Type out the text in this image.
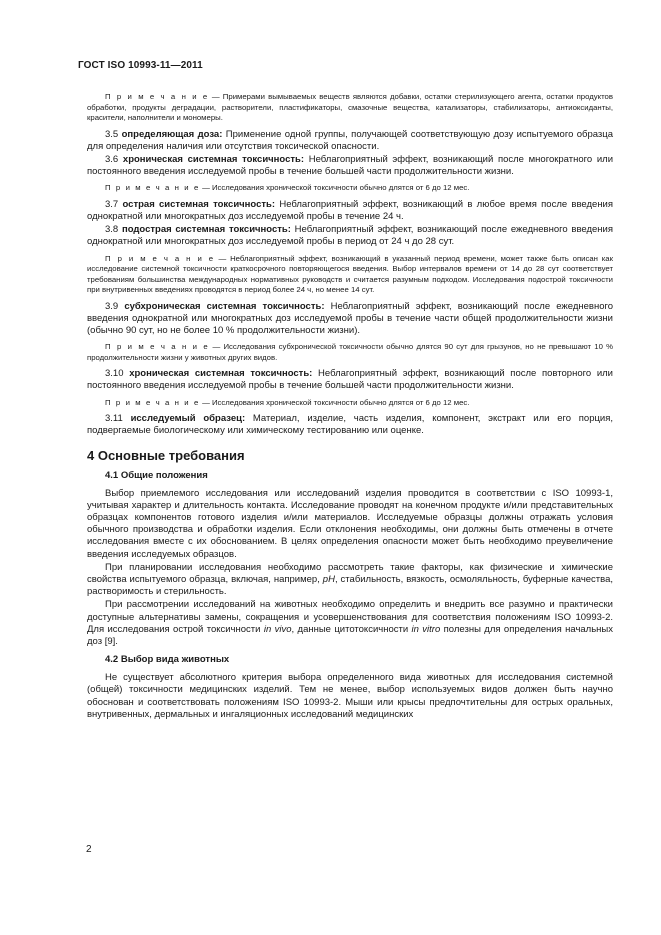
ГОСТ ISO 10993-11—2011

П р и м е ч а н и е — Примерами вымываемых веществ являются добавки, остатки стерилизующего агента, остатки продуктов обработки, продукты деградации, растворители, пластификаторы, смазочные вещества, катализаторы, стабилизаторы, антиоксиданты, красители, наполнители и мономеры.

3.5 определяющая доза: Применение одной группы, получающей соответствующую дозу испытуемого образца для определения наличия или отсутствия токсической опасности.

3.6 хроническая системная токсичность: Неблагоприятный эффект, возникающий после многократного или постоянного введения исследуемой пробы в течение большей части продолжительности жизни.

П р и м е ч а н и е — Исследования хронической токсичности обычно длятся от 6 до 12 мес.

3.7 острая системная токсичность: Неблагоприятный эффект, возникающий в любое время после введения однократной или многократных доз исследуемой пробы в течение 24 ч.

3.8 подострая системная токсичность: Неблагоприятный эффект, возникающий после ежедневного введения однократной или многократных доз исследуемой пробы в период от 24 ч до 28 сут.

П р и м е ч а н и е — Неблагоприятный эффект, возникающий в указанный период времени, может также быть описан как исследование системной токсичности краткосрочного повторяющегося введения. Выбор интервалов времени от 14 до 28 сут соответствует требованиям большинства международных нормативных руководств и считается разумным подходом. Исследования подострой токсичности при внутривенных введениях проводятся в период более 24 ч, но менее 14 сут.

3.9 субхроническая системная токсичность: Неблагоприятный эффект, возникающий после ежедневного введения однократной или многократных доз исследуемой пробы в течение части общей продолжительности жизни (обычно 90 сут, но не более 10 % продолжительности жизни).

П р и м е ч а н и е — Исследования субхронической токсичности обычно длятся 90 сут для грызунов, но не превышают 10 % продолжительности жизни у животных других видов.

3.10 хроническая системная токсичность: Неблагоприятный эффект, возникающий после повторного или постоянного введения исследуемой пробы в течение большей части продолжительности жизни.

П р и м е ч а н и е — Исследования хронической токсичности обычно длятся от 6 до 12 мес.

3.11 исследуемый образец: Материал, изделие, часть изделия, компонент, экстракт или его порция, подвергаемые биологическому или химическому тестированию или оценке.

4 Основные требования
4.1 Общие положения

Выбор приемлемого исследования или исследований изделия проводится в соответствии с ISO 10993-1, учитывая характер и длительность контакта. Исследование проводят на конечном продукте и/или представительных образцах компонентов готового изделия и/или материалов. Исследуемые образцы должны отражать условия обычного производства и обработки изделия. Если отклонения необходимы, они должны быть отмечены в отчете исследования вместе с их обоснованием. В целях определения опасности может быть необходимо преувеличение введения исследуемых образцов.

При планировании исследования необходимо рассмотреть такие факторы, как физические и химические свойства испытуемого образца, включая, например, pH, стабильность, вязкость, осмоляльность, буферные качества, растворимость и стерильность.

При рассмотрении исследований на животных необходимо определить и внедрить все разумно и практически доступные альтернативы замены, сокращения и усовершенствования для соответствия положениям ISO 10993-2. Для исследования острой токсичности in vivo, данные цитотоксичности in vitro полезны для определения начальных доз [9].

4.2 Выбор вида животных

Не существует абсолютного критерия выбора определенного вида животных для исследования системной (общей) токсичности медицинских изделий. Тем не менее, выбор используемых видов должен быть научно обоснован и соответствовать положениям ISO 10993-2. Мыши или крысы предпочтительны для острых оральных, внутривенных, дермальных и ингаляционных исследований медицинских

2
